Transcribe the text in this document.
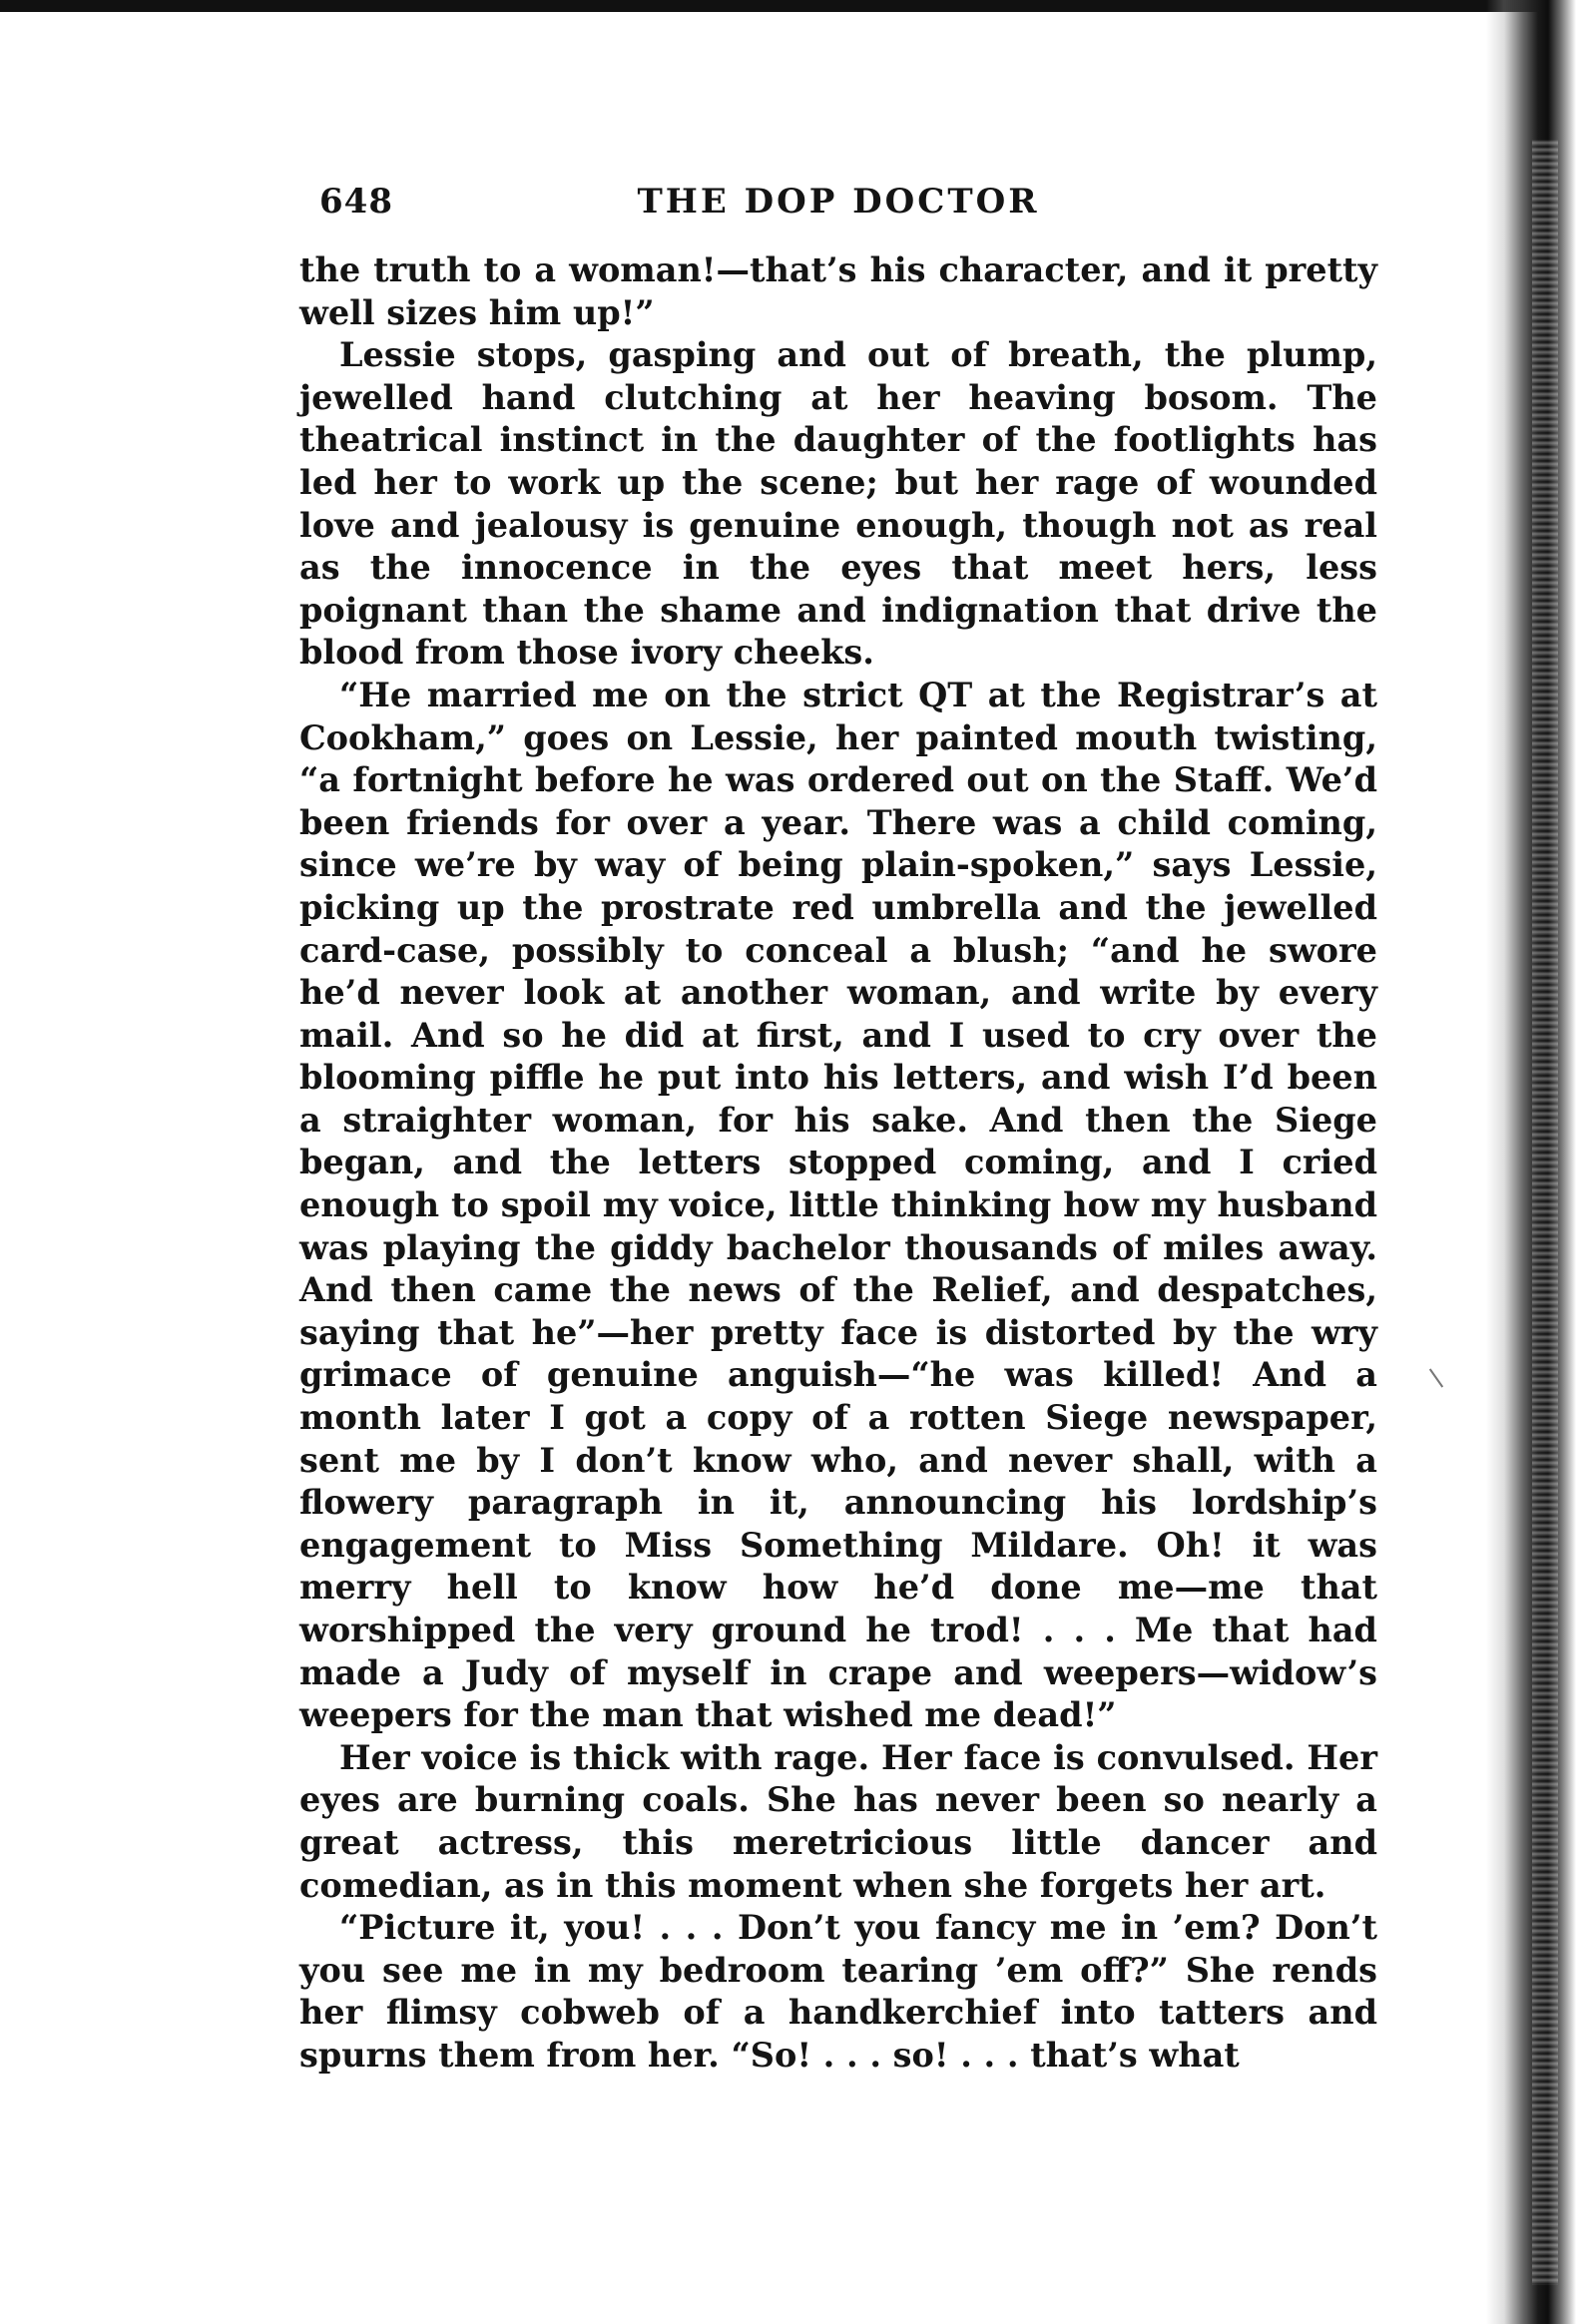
648	THE DOP DOCTOR

the truth to a woman!—that’s his character, and it pretty well sizes him up!”

Lessie stops, gasping and out of breath, the plump, jewelled hand clutching at her heaving bosom. The theatrical instinct in the daughter of the footlights has led her to work up the scene; but her rage of wounded love and jealousy is genuine enough, though not as real as the innocence in the eyes that meet hers, less poignant than the shame and indignation that drive the blood from those ivory cheeks.

“He married me on the strict QT at the Registrar’s at Cookham,” goes on Lessie, her painted mouth twisting, “a fortnight before he was ordered out on the Staff. We’d been friends for over a year. There was a child coming, since we’re by way of being plain-spoken,” says Lessie, picking up the prostrate red umbrella and the jewelled card-case, possibly to conceal a blush; “and he swore he’d never look at another woman, and write by every mail. And so he did at first, and I used to cry over the blooming piffle he put into his letters, and wish I’d been a straighter woman, for his sake. And then the Siege began, and the letters stopped coming, and I cried enough to spoil my voice, little thinking how my husband was playing the giddy bachelor thousands of miles away. And then came the news of the Relief, and despatches, saying that he”—her pretty face is distorted by the wry grimace of genuine anguish—“he was killed! And a month later I got a copy of a rotten Siege newspaper, sent me by I don’t know who, and never shall, with a flowery paragraph in it, announcing his lordship’s engagement to Miss Something Mildare. Oh! it was merry hell to know how he’d done me—me that worshipped the very ground he trod! . . . Me that had made a Judy of myself in crape and weepers—widow’s weepers for the man that wished me dead!”

Her voice is thick with rage. Her face is convulsed. Her eyes are burning coals. She has never been so nearly a great actress, this meretricious little dancer and comedian, as in this moment when she forgets her art.

“Picture it, you! . . . Don’t you fancy me in ’em? Don’t you see me in my bedroom tearing ’em off?” She rends her flimsy cobweb of a handkerchief into tatters and spurns them from her. “So! . . . so! . . . that’s what
